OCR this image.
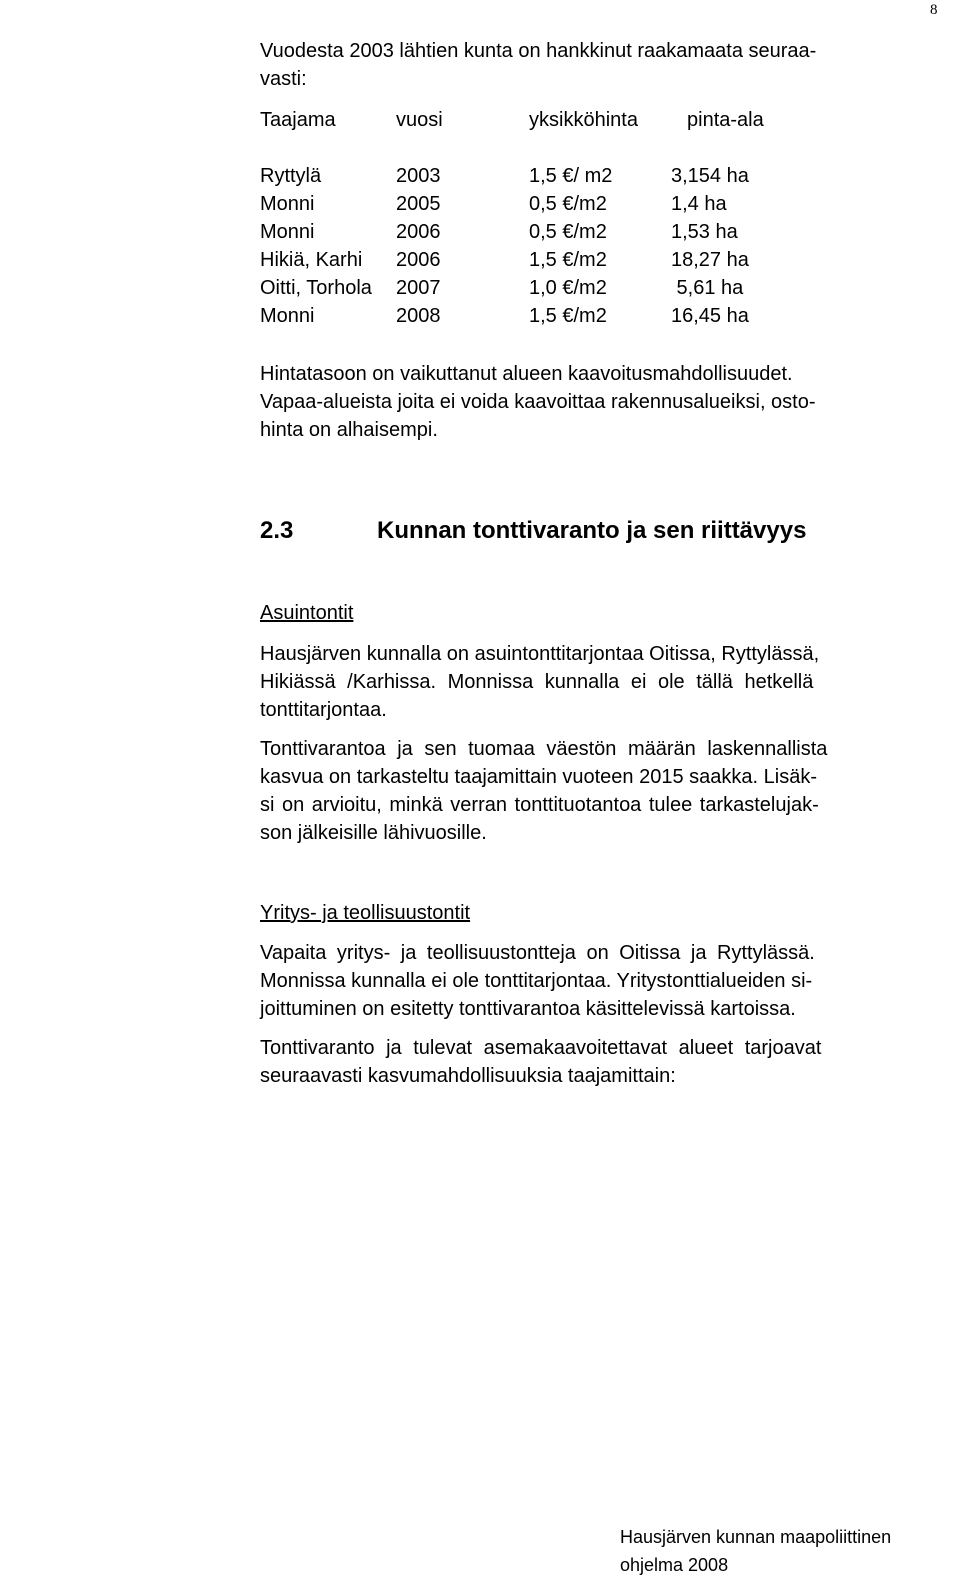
8

Vuodesta 2003 lähtien kunta on hankkinut raakamaata seuraa-
vasti:

Taajama	vuosi	yksikköhinta pinta-ala
Ryttylä	2003	1,5 €/ m2	3,154 ha
Monni	2005	0,5 €/m2	1,4 ha
Monni	2006	0,5 €/m2	1,53 ha
Hikiä, Karhi 2006	1,5 €/m2	18,27 ha
Oitti, Torhola 2007	1,0 €/m2	5,61 ha
Monni	2008	1,5 €/m2	16,45 ha

Hintatasoon on vaikuttanut alueen kaavoitusmahdollisuudet.
Vapaa-alueista joita ei voida kaavoittaa rakennusalueiksi, osto-
hinta on alhaisempi.

2.3	Kunnan tonttivaranto ja sen riittävyys
Asuintontit

Hausjärven kunnalla on asuintonttitarjontaa Oitissa, Ryttylässä,
Hikiässä /Karhissa. Monnissa kunnalla ei ole tällä hetkellä
tonttitarjontaa.

Tonttivarantoa ja sen tuomaa väestön määrän laskennallista
kasvua on tarkasteltu taajamittain vuoteen 2015 saakka. Lisäk-
si on arvioitu, minkä verran tonttituotantoa tulee tarkastelujak-
son jälkeisille lähivuosille.

Yritys- ja teollisuustontit

Vapaita yritys- ja teollisuustontteja on Oitissa ja Ryttylässä.
Monnissa kunnalla ei ole tonttitarjontaa. Yritystonttialueiden si-
joittuminen on esitetty tonttivarantoa käsittelevissä kartoissa.

Tonttivaranto ja tulevat asemakaavoitettavat alueet tarjoavat
seuraavasti kasvumahdollisuuksia taajamittain:

Hausjärven kunnan maapoliittinen
ohjelma 2008
